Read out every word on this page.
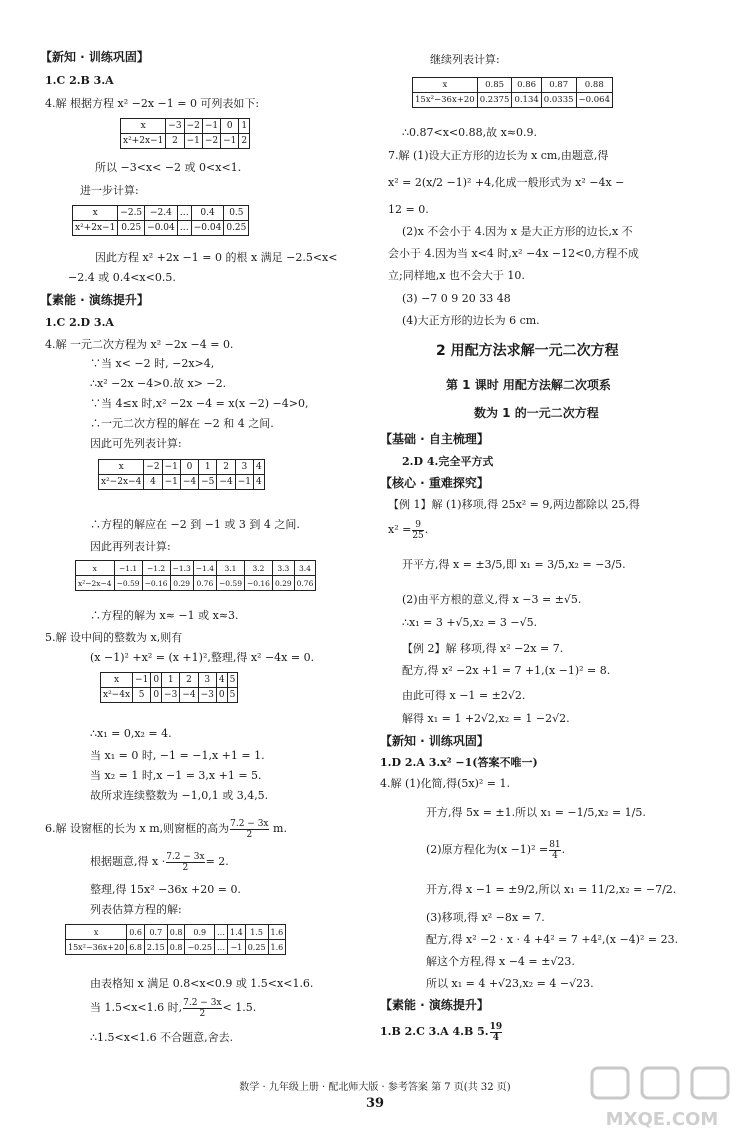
【新知 · 训练巩固】
1.C 2.B 3.A
4.解 根据方程 x² −2x −1 = 0 可列表如下:
x	−3	−2	−1	0	1
x²+2x−1	2	−1	−2	−1	2
所以 −3<x< −2 或 0<x<1.
进一步计算:
x	−2.5	−2.4	…	0.4	0.5
x²+2x−1	0.25	−0.04	…	−0.04	0.25
因此方程 x² +2x −1 = 0 的根 x 满足 −2.5<x<
−2.4 或 0.4<x<0.5.
【素能 · 演练提升】
1.C 2.D 3.A
4.解 一元二次方程为 x² −2x −4 = 0.
∵当 x< −2 时, −2x>4,
∴x² −2x −4>0.故 x> −2.
∵当 4≤x 时,x² −2x −4 = x(x −2) −4>0,
∴一元二次方程的解在 −2 和 4 之间.
因此可先列表计算:
x	−2	−1	0	1	2	3	4
x²−2x−4	4	−1	−4	−5	−4	−1	4
∴方程的解应在 −2 到 −1 或 3 到 4 之间.
因此再列表计算:
x	−1.1	−1.2	−1.3	−1.4	3.1	3.2	3.3	3.4
x²−2x−4	−0.59	−0.16	0.29	0.76	−0.59	−0.16	0.29	0.76
∴方程的解为 x≈ −1 或 x≈3.
5.解 设中间的整数为 x,则有
(x −1)² +x² = (x +1)²,整理,得 x² −4x = 0.
x	−1	0	1	2	3	4	5
x²−4x	5	0	−3	−4	−3	0	5
∴x₁ = 0,x₂ = 4.
当 x₁ = 0 时, −1 = −1,x +1 = 1.
当 x₂ = 1 时,x −1 = 3,x +1 = 5.
故所求连续整数为 −1,0,1 或 3,4,5.
6.解 设窗框的长为 x m,则窗框的高为 $\frac{7.2 - 3x}{2} m$.
根据题意,得 $x \cdot \frac{7.2 - 3x}{2} = 2$.
整理,得 15x² −36x +20 = 0.
列表估算方程的解:
x	0.6	0.7	0.8	0.9	…	1.4	1.5	1.6
15x²−36x+20	6.8	2.15	0.8	−0.25	…	−1	0.25	1.6
由表格知 x 满足 0.8<x<0.9 或 1.5<x<1.6.
当 1.5<x<1.6 时, $\frac{7.2 - 3x}{2} < 1.5$.
∴1.5<x<1.6 不合题意,舍去.
继续列表计算:
x	0.85	0.86	0.87	0.88
15x²−36x+20	0.2375	0.134	0.0335	−0.064
∴0.87<x<0.88,故 x≈0.9.
7.解 (1)设大正方形的边长为 x cm,由题意,得
x² = 2(x/2 −1)² +4,化成一般形式为 x² −4x −
12 = 0.
(2)x 不会小于 4.因为 x 是大正方形的边长,x 不
会小于 4.因为当 x<4 时,x² −4x −12<0,方程不成
立;同样地,x 也不会大于 10.
(3) −7 0 9 20 33 48
(4)大正方形的边长为 6 cm.
2 用配方法求解一元二次方程
第 1 课时 用配方法解二次项系
数为 1 的一元二次方程
【基础 · 自主梳理】
2.D 4.完全平方式
【核心 · 重难探究】
【例 1】解 (1)移项,得 25x² = 9,两边都除以 25,得
$x^2 = \frac{9}{25}$ .
开平方,得 x = ±3/5,即 x₁ = 3/5,x₂ = −3/5.
(2)由平方根的意义,得 x −3 = ±√5.
∴x₁ = 3 +√5,x₂ = 3 −√5.
【例 2】解 移项,得 x² −2x = 7.
配方,得 x² −2x +1 = 7 +1,(x −1)² = 8.
由此可得 x −1 = ±2√2.
解得 x₁ = 1 +2√2,x₂ = 1 −2√2.
【新知 · 训练巩固】
1.D 2.A 3.x² −1(答案不唯一)
4.解 (1)化简,得(5x)² = 1.
开方,得 5x = ±1.所以 x₁ = −1/5,x₂ = 1/5.
(2)原方程化为$(x -1)^2 = \frac{81}{4}$ .
开方,得 x −1 = ±9/2,所以 x₁ = 11/2,x₂ = −7/2.
(3)移项,得 x² −8x = 7.
配方,得 x² −2 · x · 4 +4² = 7 +4²,(x −4)² = 23.
解这个方程,得 x −4 = ±√23.
所以 x₁ = 4 +√23,x₂ = 4 −√23.
【素能 · 演练提升】
1.B 2.C 3.A 4.B 5. $\frac{19}{4}$
数学 · 九年级上册 · 配北师大版 · 参考答案 第 7 页(共 32 页)
39
MXQE.COM
